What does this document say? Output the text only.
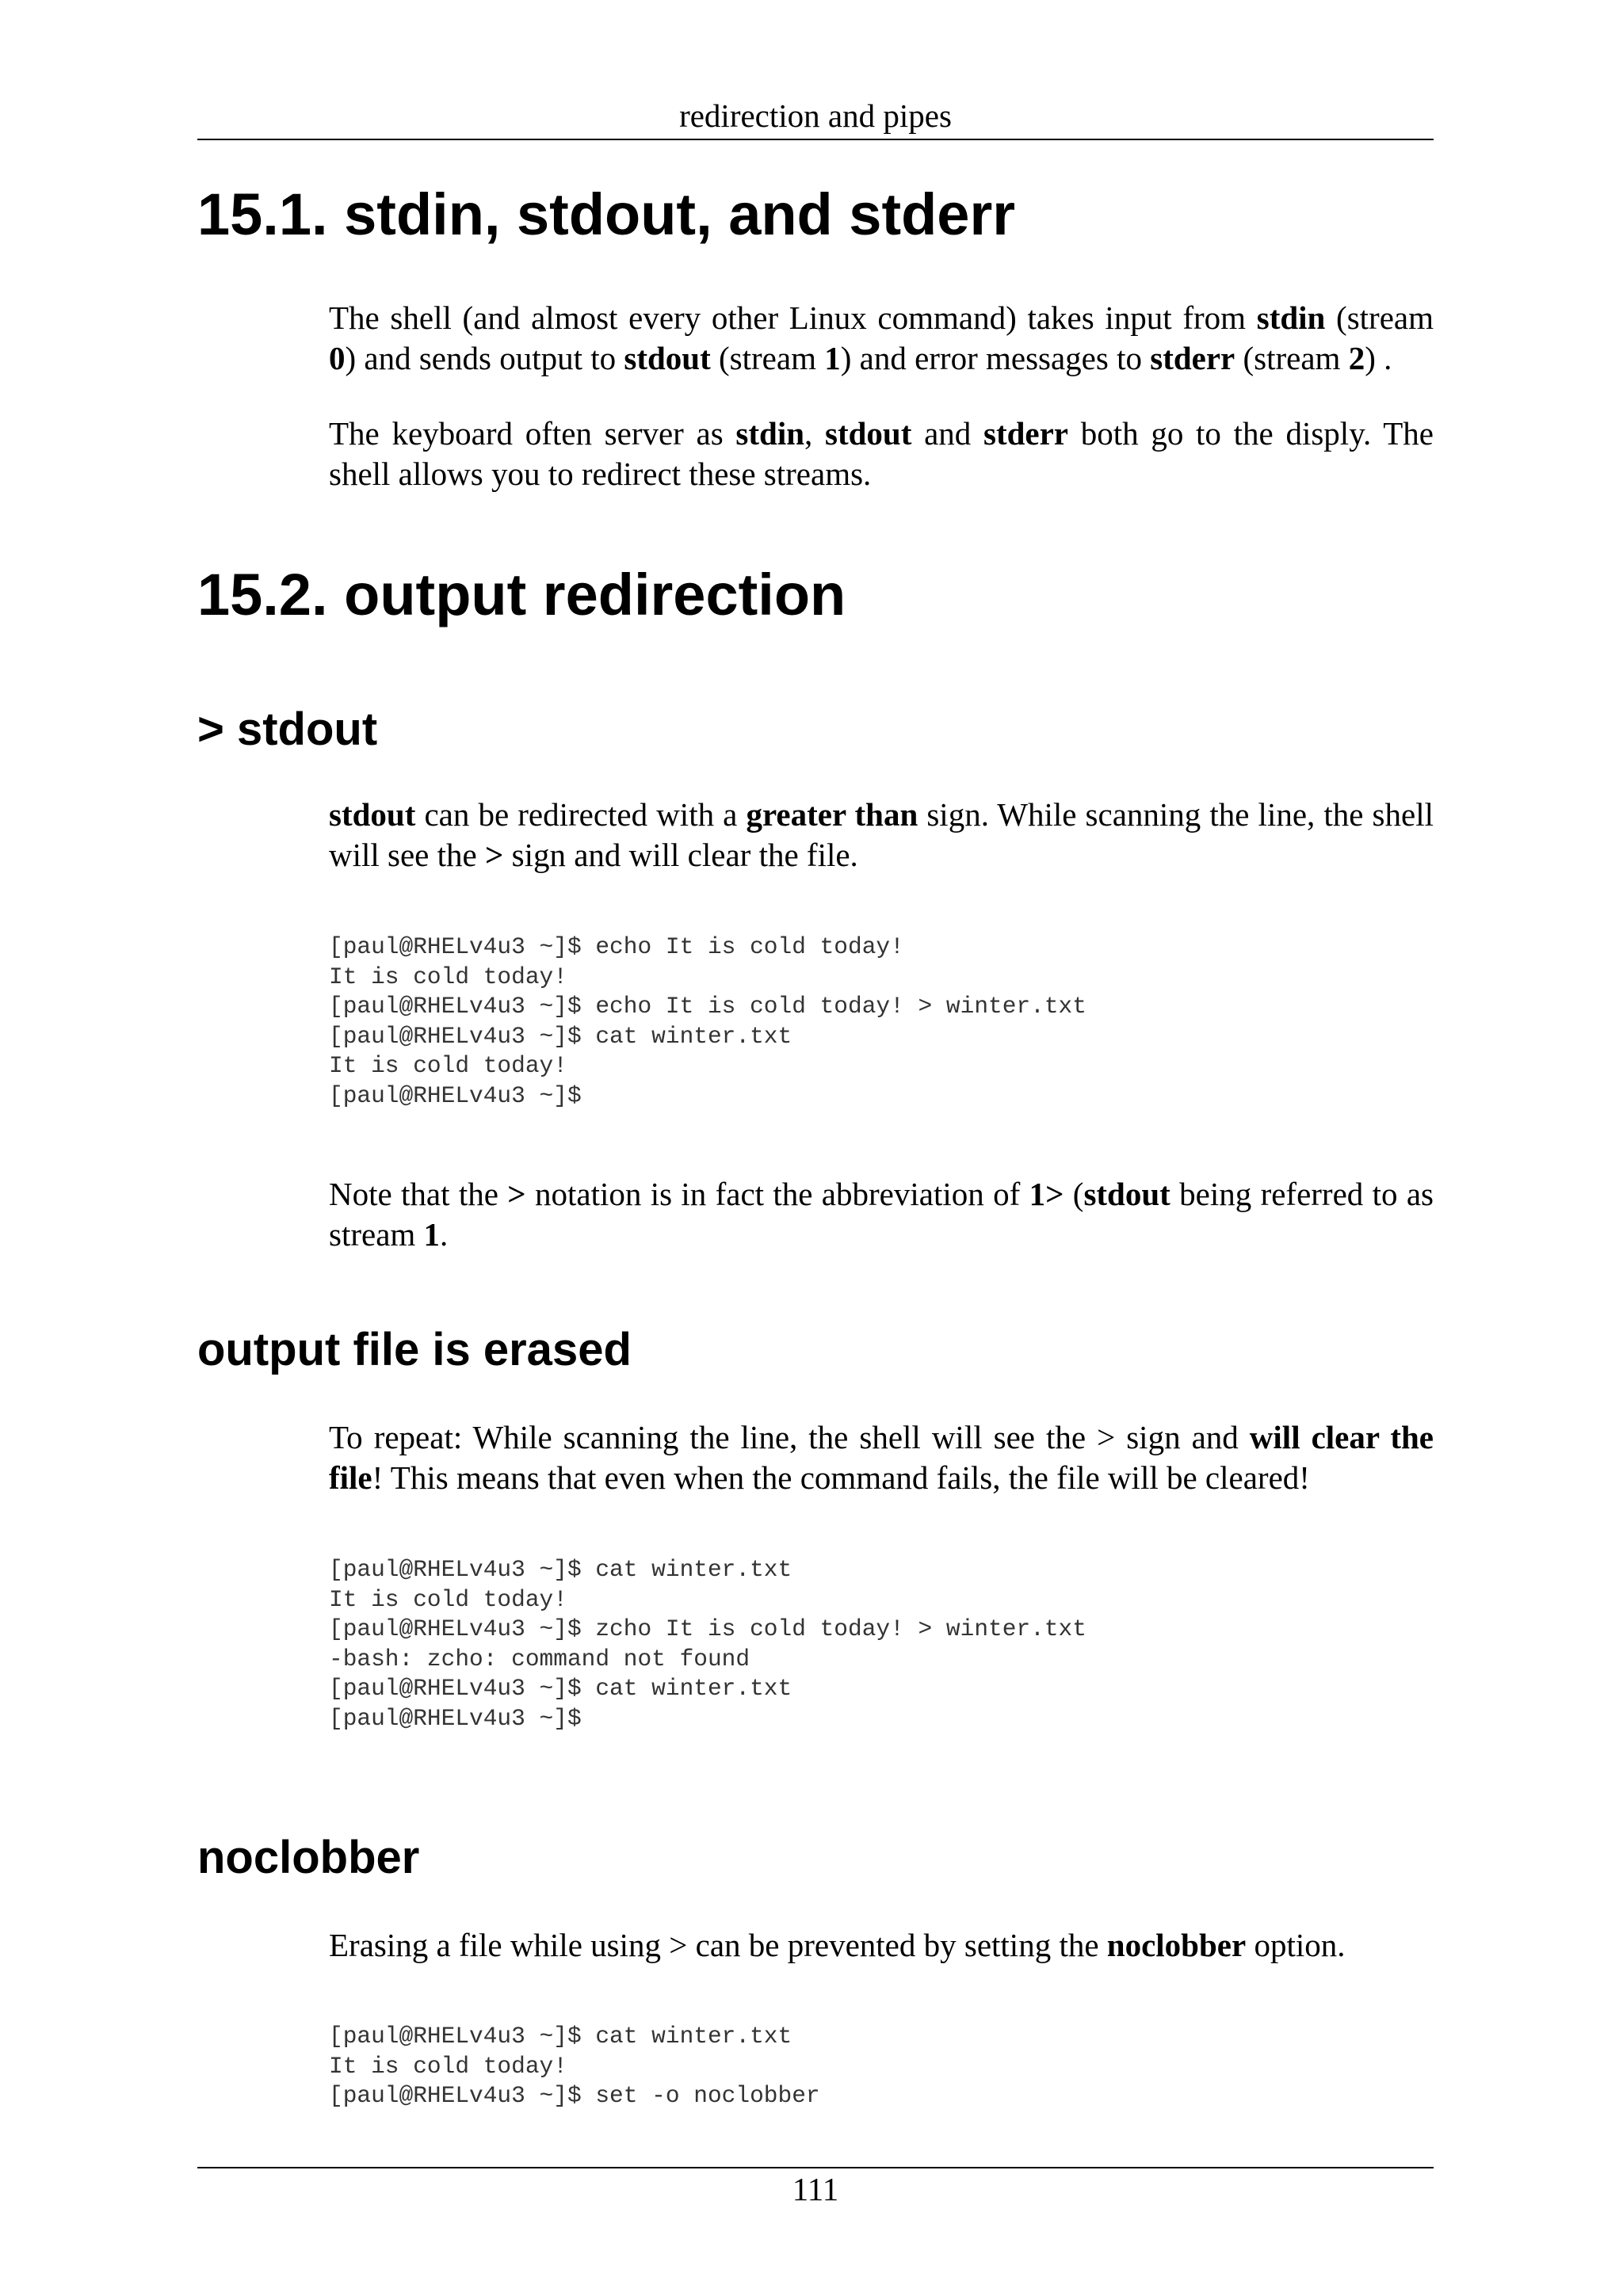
redirection and pipes
15.1. stdin, stdout, and stderr

The shell (and almost every other Linux command) takes input from stdin (stream 0) and sends output to stdout (stream 1) and error messages to stderr (stream 2) .

The keyboard often server as stdin, stdout and stderr both go to the disply. The shell allows you to redirect these streams.

15.2. output redirection
> stdout

stdout can be redirected with a greater than sign. While scanning the line, the shell will see the > sign and will clear the file.

[paul@RHELv4u3 ~]$ echo It is cold today!
It is cold today!
[paul@RHELv4u3 ~]$ echo It is cold today! > winter.txt
[paul@RHELv4u3 ~]$ cat winter.txt
It is cold today!
[paul@RHELv4u3 ~]$

Note that the > notation is in fact the abbreviation of 1> (stdout being referred to as stream 1.

output file is erased

To repeat: While scanning the line, the shell will see the > sign and will clear the file! This means that even when the command fails, the file will be cleared!

[paul@RHELv4u3 ~]$ cat winter.txt
It is cold today!
[paul@RHELv4u3 ~]$ zcho It is cold today! > winter.txt
-bash: zcho: command not found
[paul@RHELv4u3 ~]$ cat winter.txt
[paul@RHELv4u3 ~]$
noclobber

Erasing a file while using > can be prevented by setting the noclobber option.

[paul@RHELv4u3 ~]$ cat winter.txt
It is cold today!
[paul@RHELv4u3 ~]$ set -o noclobber
111
